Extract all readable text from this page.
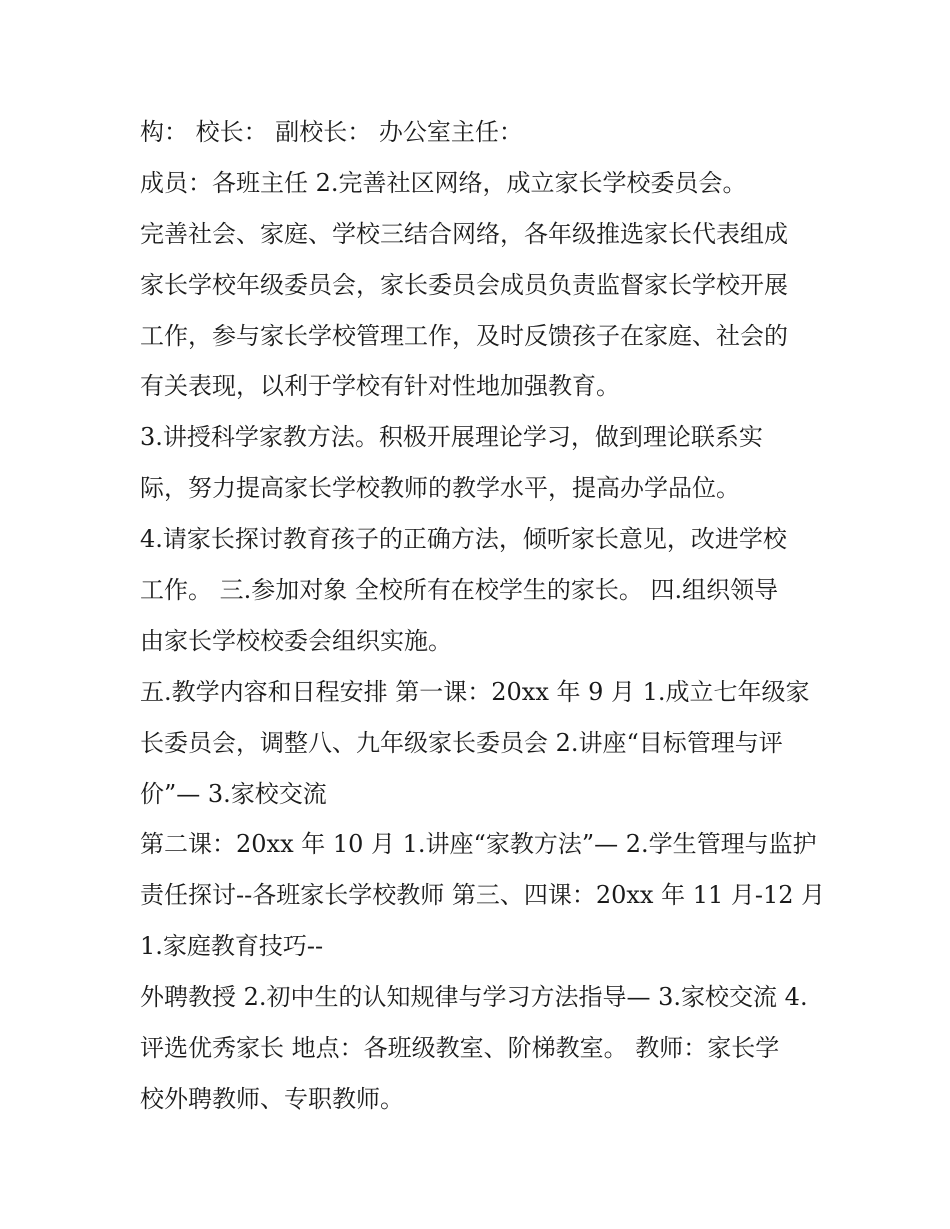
构： 校长： 副校长： 办公室主任：
成员：各班主任 2.完善社区网络，成立家长学校委员会。
完善社会、家庭、学校三结合网络，各年级推选家长代表组成
家长学校年级委员会，家长委员会成员负责监督家长学校开展
工作，参与家长学校管理工作，及时反馈孩子在家庭、社会的
有关表现，以利于学校有针对性地加强教育。
3.讲授科学家教方法。积极开展理论学习，做到理论联系实
际，努力提高家长学校教师的教学水平，提高办学品位。
4.请家长探讨教育孩子的正确方法，倾听家长意见，改进学校
工作。 三.参加对象 全校所有在校学生的家长。 四.组织领导
由家长学校校委会组织实施。
五.教学内容和日程安排 第一课：20xx 年 9 月 1.成立七年级家
长委员会，调整八、九年级家长委员会 2.讲座“目标管理与评
价”— 3.家校交流
第二课：20xx 年 10 月 1.讲座“家教方法”— 2.学生管理与监护
责任探讨--各班家长学校教师 第三、四课：20xx 年 11 月-12 月
1.家庭教育技巧--
外聘教授 2.初中生的认知规律与学习方法指导— 3.家校交流 4.
评选优秀家长 地点：各班级教室、阶梯教室。 教师：家长学
校外聘教师、专职教师。
